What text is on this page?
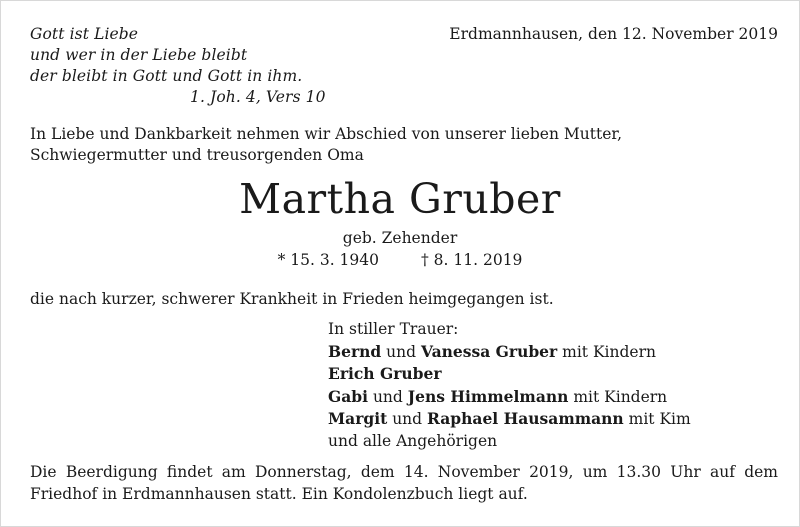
Gott ist Liebe
und wer in der Liebe bleibt
der bleibt in Gott und Gott in ihm.
1. Joh. 4, Vers 10
Erdmannhausen, den 12. November 2019
In Liebe und Dankbarkeit nehmen wir Abschied von unserer lieben Mutter,
Schwiegermutter und treusorgenden Oma
Martha Gruber
geb. Zehender
* 15. 3. 1940	† 8. 11. 2019
die nach kurzer, schwerer Krankheit in Frieden heimgegangen ist.
In stiller Trauer:
Bernd und Vanessa Gruber mit Kindern
Erich Gruber
Gabi und Jens Himmelmann mit Kindern
Margit und Raphael Hausammann mit Kim
und alle Angehörigen
Die Beerdigung findet am Donnerstag, dem 14. November 2019, um 13.30 Uhr auf dem
Friedhof in Erdmannhausen statt. Ein Kondolenzbuch liegt auf.
